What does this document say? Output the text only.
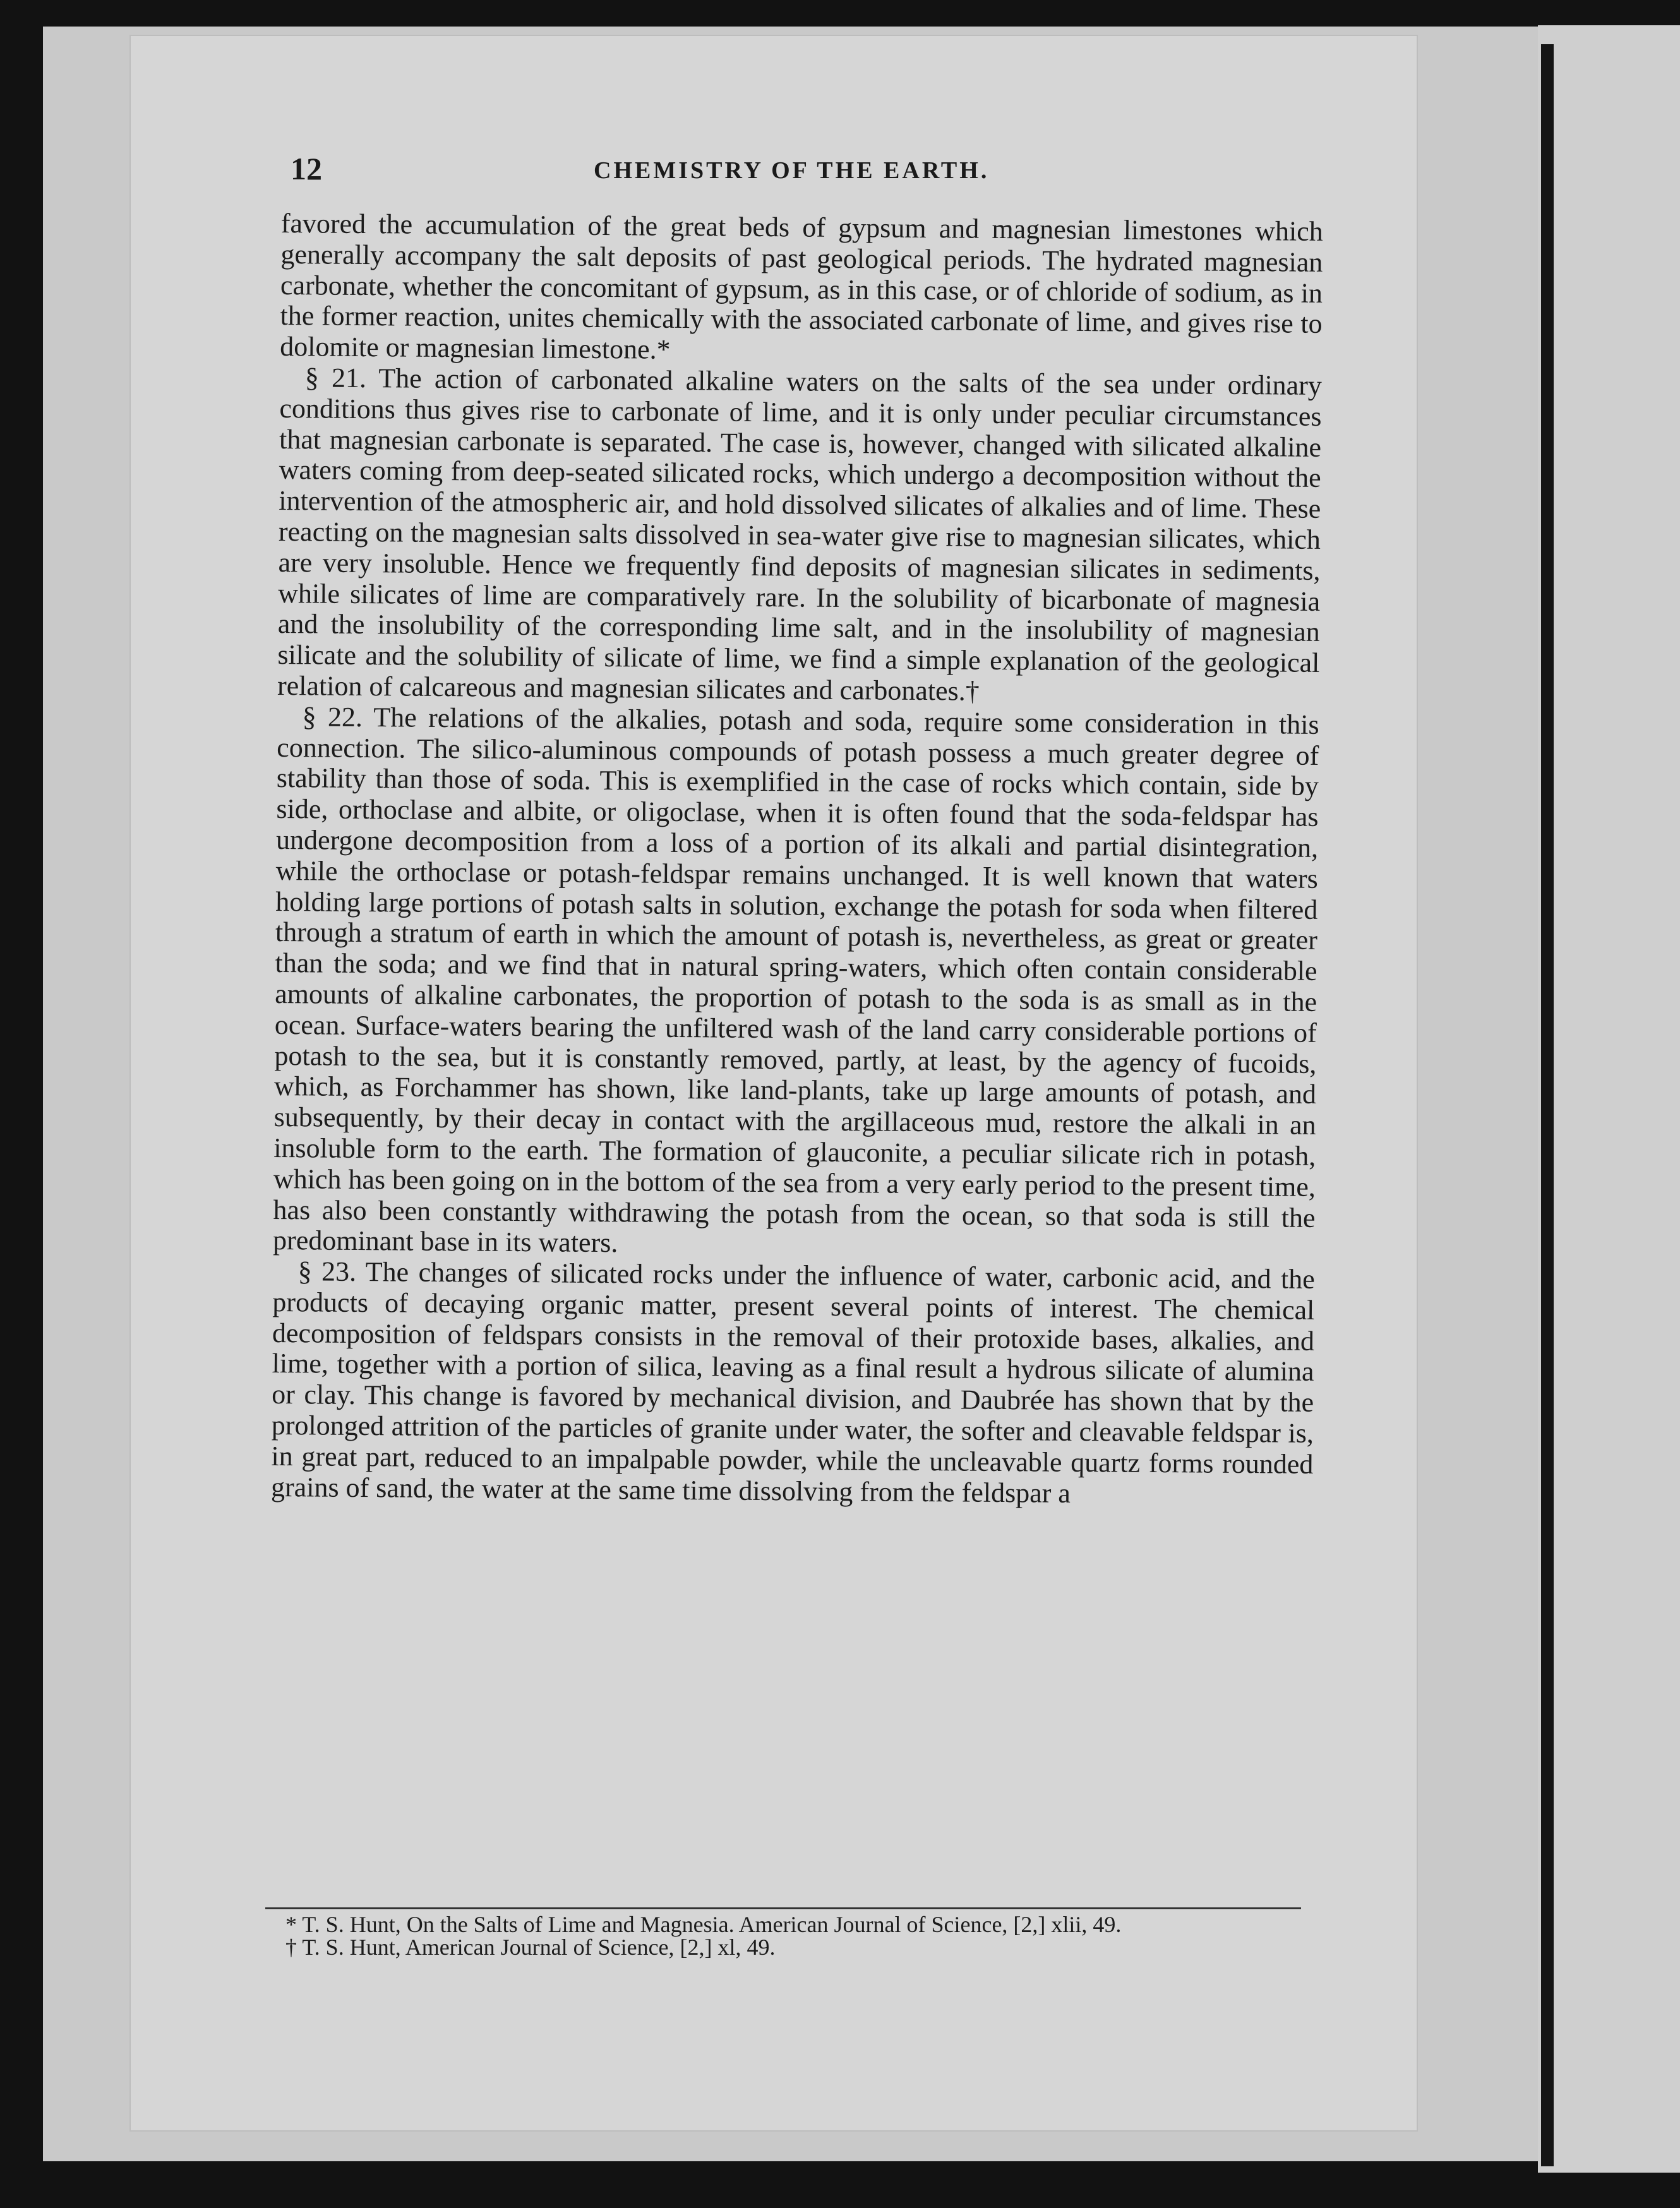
12	CHEMISTRY OF THE EARTH.

favored the accumulation of the great beds of gypsum and magnesian limestones which generally accompany the salt deposits of past geological periods. The hydrated magnesian carbonate, whether the concomitant of gypsum, as in this case, or of chloride of sodium, as in the former reaction, unites chemically with the associated carbonate of lime, and gives rise to dolomite or magnesian limestone.*

§ 21. The action of carbonated alkaline waters on the salts of the sea under ordinary conditions thus gives rise to carbonate of lime, and it is only under peculiar circumstances that magnesian carbonate is separated. The case is, however, changed with silicated alkaline waters coming from deep-seated silicated rocks, which undergo a decomposition without the intervention of the atmospheric air, and hold dissolved silicates of alkalies and of lime. These reacting on the magnesian salts dissolved in sea-water give rise to magnesian silicates, which are very insoluble. Hence we frequently find deposits of magnesian silicates in sediments, while silicates of lime are comparatively rare. In the solubility of bicarbonate of magnesia and the insolubility of the corresponding lime salt, and in the insolubility of magnesian silicate and the solubility of silicate of lime, we find a simple explanation of the geological relation of calcareous and magnesian silicates and carbonates.†

§ 22. The relations of the alkalies, potash and soda, require some consideration in this connection. The silico-aluminous compounds of potash possess a much greater degree of stability than those of soda. This is exemplified in the case of rocks which contain, side by side, orthoclase and albite, or oligoclase, when it is often found that the soda-feldspar has undergone decomposition from a loss of a portion of its alkali and partial disintegration, while the orthoclase or potash-feldspar remains unchanged. It is well known that waters holding large portions of potash salts in solution, exchange the potash for soda when filtered through a stratum of earth in which the amount of potash is, nevertheless, as great or greater than the soda; and we find that in natural spring-waters, which often contain considerable amounts of alkaline carbonates, the proportion of potash to the soda is as small as in the ocean. Surface-waters bearing the unfiltered wash of the land carry considerable portions of potash to the sea, but it is constantly removed, partly, at least, by the agency of fucoids, which, as Forchammer has shown, like land-plants, take up large amounts of potash, and subsequently, by their decay in contact with the argillaceous mud, restore the alkali in an insoluble form to the earth. The formation of glauconite, a peculiar silicate rich in potash, which has been going on in the bottom of the sea from a very early period to the present time, has also been constantly withdrawing the potash from the ocean, so that soda is still the predominant base in its waters.

§ 23. The changes of silicated rocks under the influence of water, carbonic acid, and the products of decaying organic matter, present several points of interest. The chemical decomposition of feldspars consists in the removal of their protoxide bases, alkalies, and lime, together with a portion of silica, leaving as a final result a hydrous silicate of alumina or clay. This change is favored by mechanical division, and Daubrée has shown that by the prolonged attrition of the particles of granite under water, the softer and cleavable feldspar is, in great part, reduced to an impalpable powder, while the uncleavable quartz forms rounded grains of sand, the water at the same time dissolving from the feldspar a

* T. S. Hunt, On the Salts of Lime and Magnesia. American Journal of Science, [2,] xlii, 49.

† T. S. Hunt, American Journal of Science, [2,] xl, 49.
